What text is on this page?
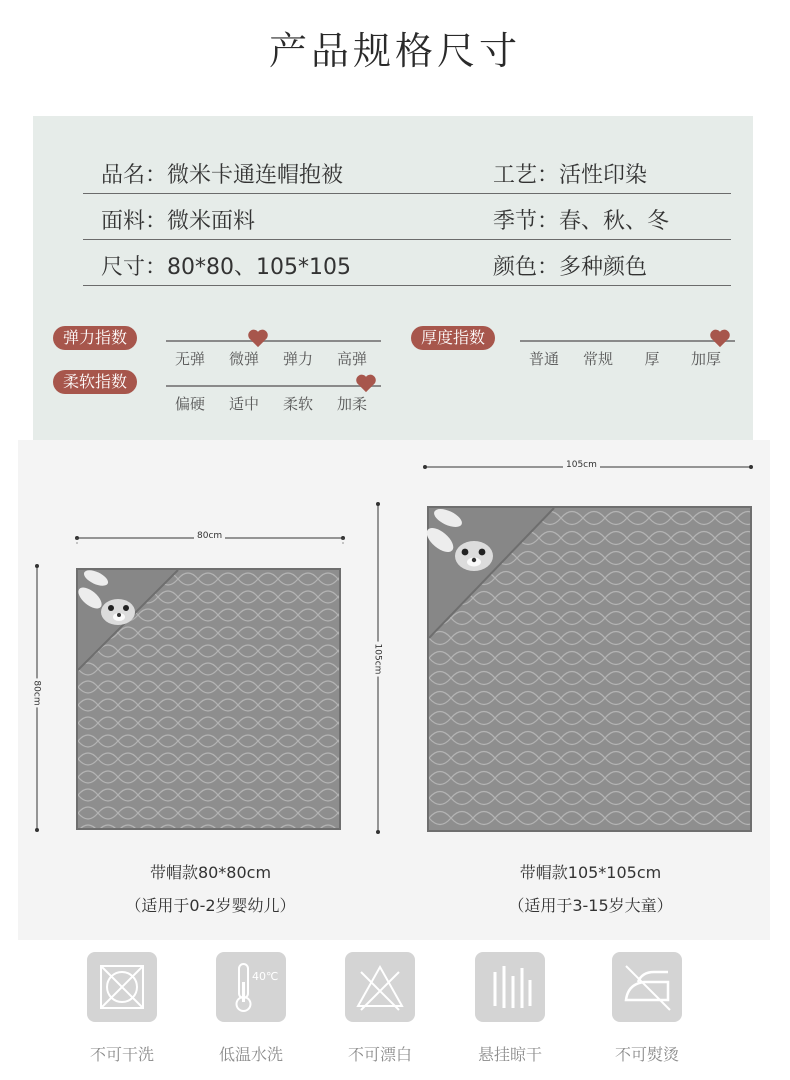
产品规格尺寸
品名：微米卡通连帽抱被	工艺：活性印染
面料：微米面料	季节：春、秋、冬
尺寸：80*80、105*105	颜色：多种颜色
弹力指数
无弹 微弹 弹力 高弹
柔软指数
偏硬 适中 柔软 加柔
厚度指数
普通 常规 厚 加厚
80cm
80cm
带帽款80*80cm
（适用于0-2岁婴幼儿）
105cm
105cm
带帽款105*105cm
（适用于3-15岁大童）
不可干洗
40℃
低温水洗	不可漂白	悬挂晾干	不可熨烫
